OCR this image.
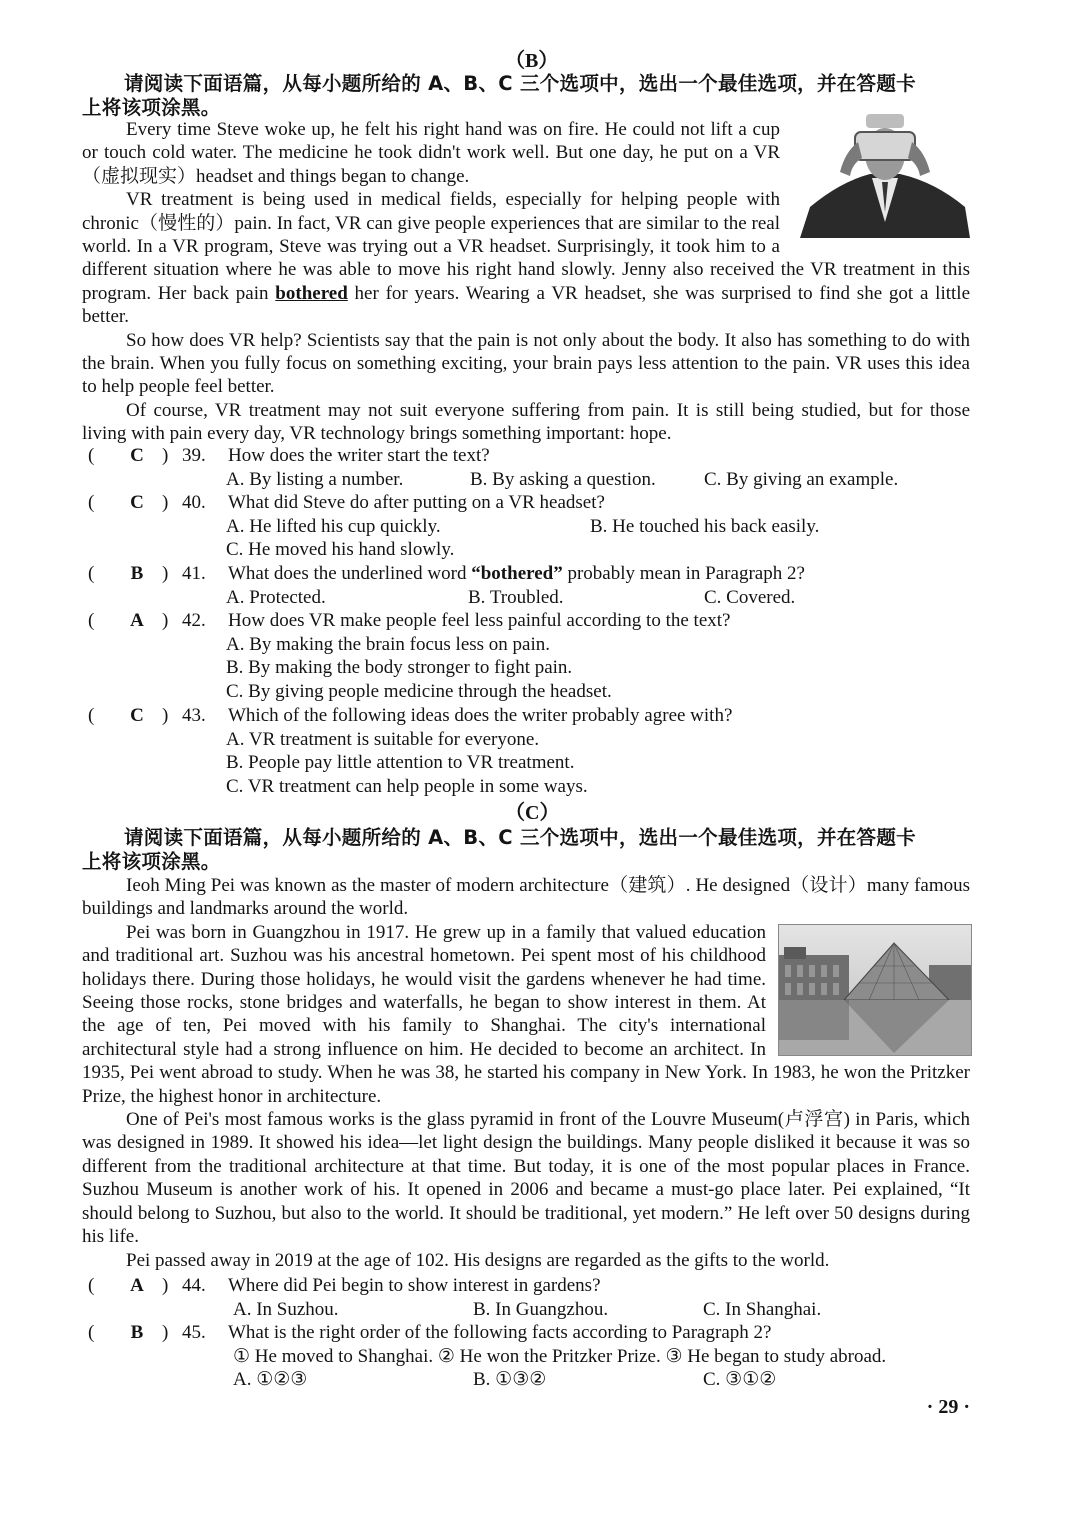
（B）
请阅读下面语篇，从每小题所给的 A、B、C 三个选项中，选出一个最佳选项，并在答题卡
上将该项涂黑。

Every time Steve woke up, he felt his right hand was on fire. He could not lift a cup or touch cold water. The medicine he took didn't work well. But one day, he put on a VR（虚拟现实）headset and things began to change.

VR treatment is being used in medical fields, especially for helping people with chronic（慢性的）pain. In fact, VR can give people experiences that are similar to the real world. In a VR program, Steve was trying out a VR headset. Surprisingly, it took him to a different situation where he was able to move his right hand slowly. Jenny also received the VR treatment in this program. Her back pain bothered her for years. Wearing a VR headset, she was surprised to find she got a little better.

So how does VR help? Scientists say that the pain is not only about the body. It also has something to do with the brain. When you fully focus on something exciting, your brain pays less attention to the pain. VR uses this idea to help people feel better.

Of course, VR treatment may not suit everyone suffering from pain. It is still being studied, but for those living with pain every day, VR technology brings something important: hope.

(	C ) 39.	How does the writer start the text?
A. By listing a number.	B. By asking a question.	C. By giving an example.
(	C ) 40.	What did Steve do after putting on a VR headset?
A. He lifted his cup quickly.	B. He touched his back easily.
C. He moved his hand slowly.
(	B ) 41.	What does the underlined word “bothered” probably mean in Paragraph 2?
A. Protected.	B. Troubled.	C. Covered.
(	A ) 42.	How does VR make people feel less painful according to the text?
A. By making the brain focus less on pain.
B. By making the body stronger to fight pain.
C. By giving people medicine through the headset.
(	C ) 43.	Which of the following ideas does the writer probably agree with?
A. VR treatment is suitable for everyone.
B. People pay little attention to VR treatment.
C. VR treatment can help people in some ways.
（C）
请阅读下面语篇，从每小题所给的 A、B、C 三个选项中，选出一个最佳选项，并在答题卡
上将该项涂黑。

Ieoh Ming Pei was known as the master of modern architecture（建筑）. He designed（设计）many famous buildings and landmarks around the world.

Pei was born in Guangzhou in 1917. He grew up in a family that valued education and traditional art. Suzhou was his ancestral hometown. Pei spent most of his childhood holidays there. During those holidays, he would visit the gardens whenever he had time. Seeing those rocks, stone bridges and waterfalls, he began to show interest in them. At the age of ten, Pei moved with his family to Shanghai. The city's international architectural style had a strong influence on him. He decided to become an architect. In 1935, Pei went abroad to study. When he was 38, he started his company in New York. In 1983, he won the Pritzker Prize, the highest honor in architecture.

One of Pei's most famous works is the glass pyramid in front of the Louvre Museum(卢浮宫) in Paris, which was designed in 1989. It showed his idea—let light design the buildings. Many people disliked it because it was so different from the traditional architecture at that time. But today, it is one of the most popular places in France. Suzhou Museum is another work of his. It opened in 2006 and became a must-go place later. Pei explained, “It should belong to Suzhou, but also to the world. It should be traditional, yet modern.” He left over 50 designs during his life.

Pei passed away in 2019 at the age of 102. His designs are regarded as the gifts to the world.

(	A ) 44.	Where did Pei begin to show interest in gardens?
A. In Suzhou.	B. In Guangzhou.	C. In Shanghai.
(	B ) 45.	What is the right order of the following facts according to Paragraph 2?
① He moved to Shanghai. ② He won the Pritzker Prize. ③ He began to study abroad.
A. ①②③	B. ①③②	C. ③①②
· 29 ·
